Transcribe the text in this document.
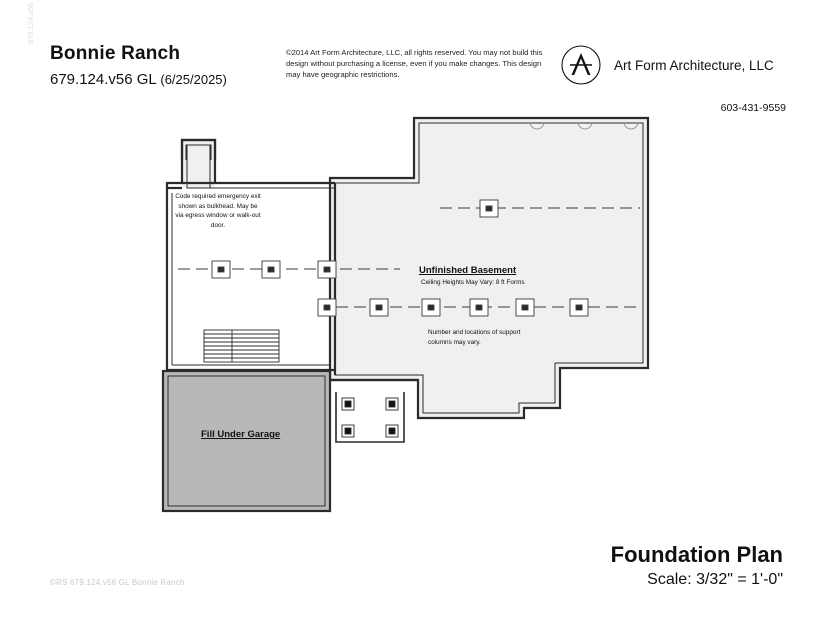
Bonnie Ranch
679.124.v56 GL (6/25/2025)
©2014 Art Form Architecture, LLC, all rights reserved. You may not build this design without purchasing a license, even if you make changes. This design may have geographic restrictions.
Art Form Architecture, LLC
603-431-9559
Code required emergency exit shown as bulkhead. May be via egress window or walk-out door.
Unfinished Basement
Ceiling Heights May Vary: 8 ft Forms
Number and locations of support columns may vary.
Fill Under Garage
Foundation Plan
Scale: 3/32" = 1'-0"
©RS 679.124.v56 GL Bonnie Ranch
679.124.v56
